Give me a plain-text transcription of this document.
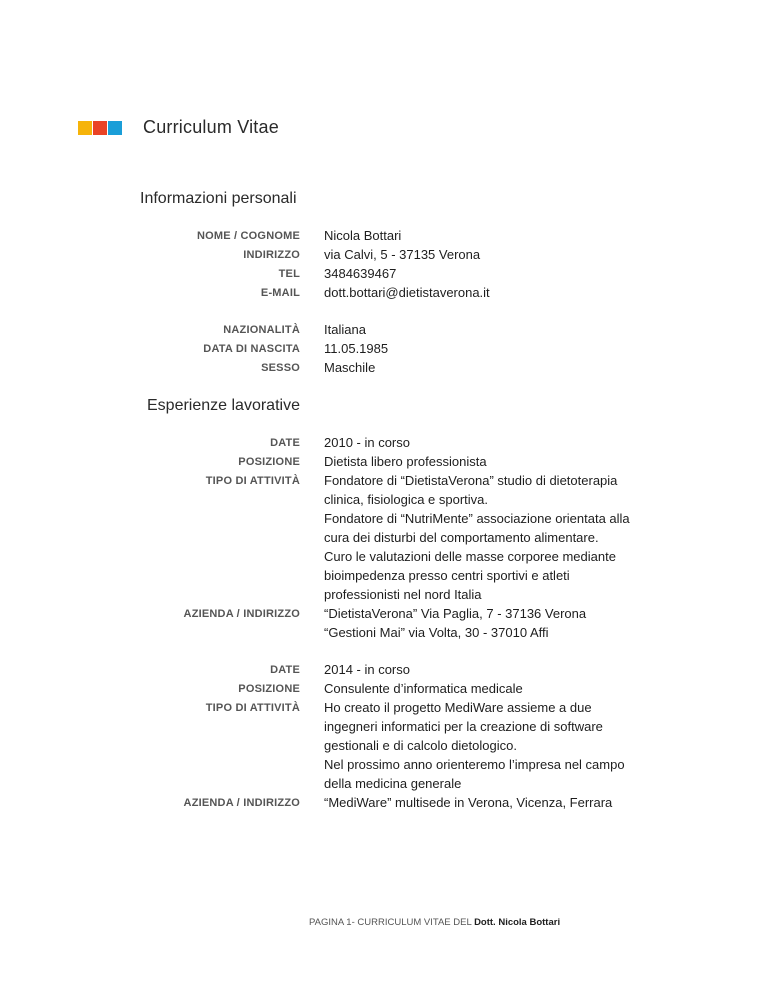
Curriculum Vitae
Informazioni personali
NOME / COGNOME Nicola Bottari
INDIRIZZO via Calvi, 5 - 37135 Verona
TEL 3484639467
E-MAIL dott.bottari@dietistaverona.it
NAZIONALITÀ Italiana
DATA DI NASCITA 11.05.1985
SESSO Maschile
Esperienze lavorative
DATE 2010 - in corso
POSIZIONE Dietista libero professionista
TIPO DI ATTIVITÀ Fondatore di “DietistaVerona” studio di dietoterapia
clinica, fisiologica e sportiva.
Fondatore di “NutriMente” associazione orientata alla
cura dei disturbi del comportamento alimentare.
Curo le valutazioni delle masse corporee mediante
bioimpedenza presso centri sportivi e atleti
professionisti nel nord Italia
AZIENDA / INDIRIZZO “DietistaVerona” Via Paglia, 7 - 37136 Verona
“Gestioni Mai” via Volta, 30 - 37010 Affi
DATE 2014 - in corso
POSIZIONE Consulente d’informatica medicale
TIPO DI ATTIVITÀ Ho creato il progetto MediWare assieme a due
ingegneri informatici per la creazione di software
gestionali e di calcolo dietologico.
Nel prossimo anno orienteremo l’impresa nel campo
della medicina generale
AZIENDA / INDIRIZZO “MediWare” multisede in Verona, Vicenza, Ferrara
PAGINA 1- CURRICULUM VITAE DEL Dott. Nicola Bottari
